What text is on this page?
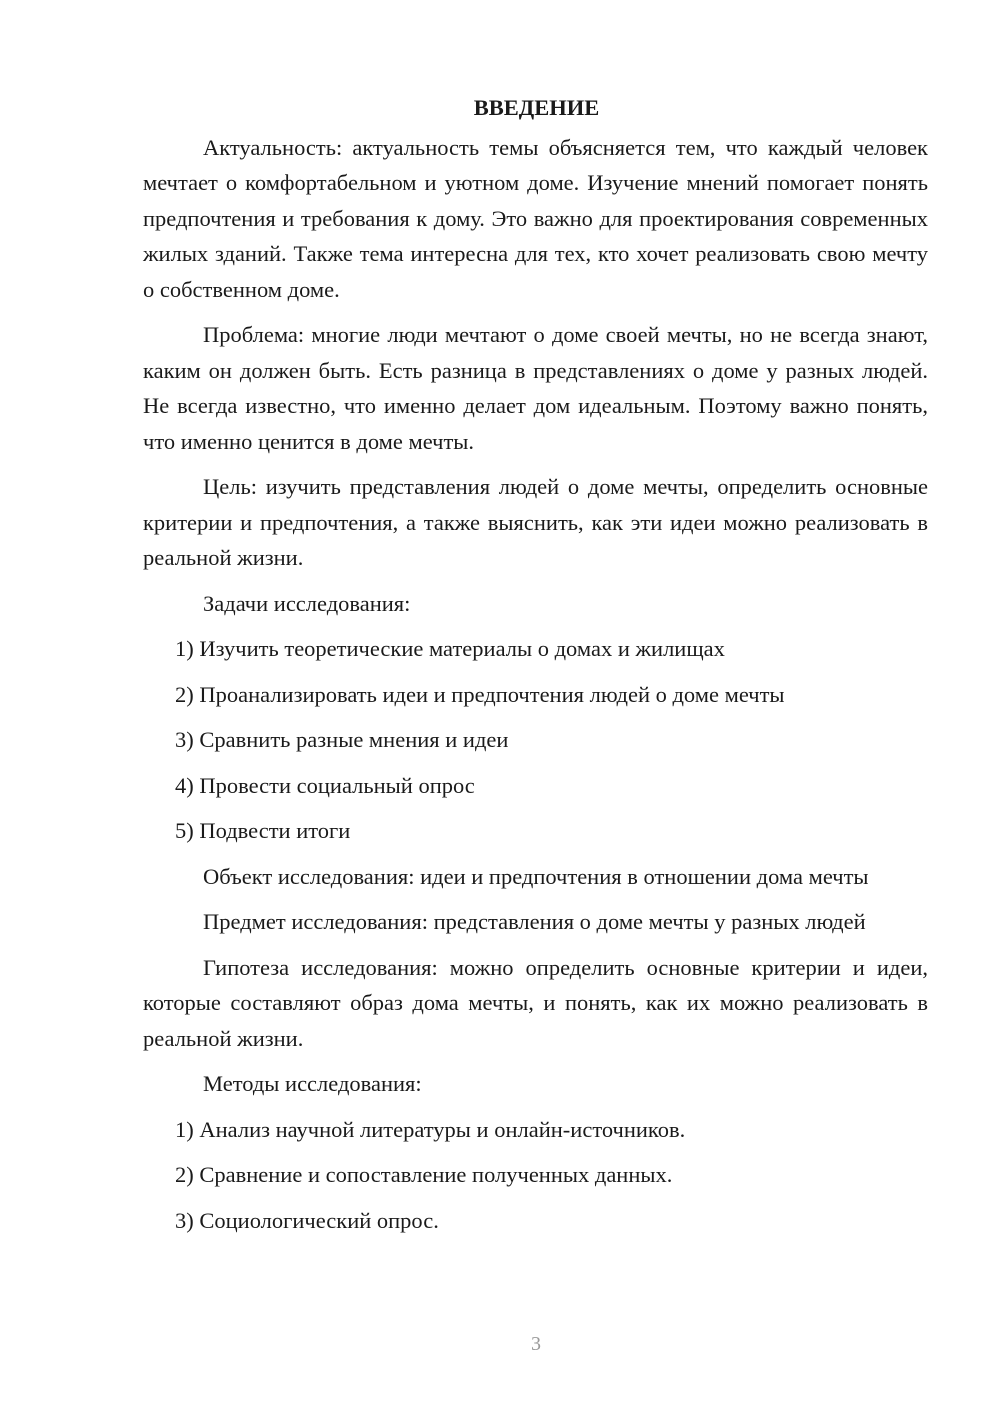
ВВЕДЕНИЕ

Актуальность: актуальность темы объясняется тем, что каждый человек мечтает о комфортабельном и уютном доме. Изучение мнений помогает понять предпочтения и требования к дому. Это важно для проектирования современных жилых зданий. Также тема интересна для тех, кто хочет реализовать свою мечту о собственном доме.

Проблема: многие люди мечтают о доме своей мечты, но не всегда знают, каким он должен быть. Есть разница в представлениях о доме у разных людей. Не всегда известно, что именно делает дом идеальным. Поэтому важно понять, что именно ценится в доме мечты.

Цель: изучить представления людей о доме мечты, определить основные критерии и предпочтения, а также выяснить, как эти идеи можно реализовать в реальной жизни.

Задачи исследования:

1) Изучить теоретические материалы о домах и жилищах

2) Проанализировать идеи и предпочтения людей о доме мечты

3) Сравнить разные мнения и идеи

4) Провести социальный опрос

5) Подвести итоги

Объект исследования: идеи и предпочтения в отношении дома мечты

Предмет исследования: представления о доме мечты у разных людей

Гипотеза исследования: можно определить основные критерии и идеи, которые составляют образ дома мечты, и понять, как их можно реализовать в реальной жизни.

Методы исследования:

1) Анализ научной литературы и онлайн-источников.

2) Сравнение и сопоставление полученных данных.

3) Социологический опрос.

3
